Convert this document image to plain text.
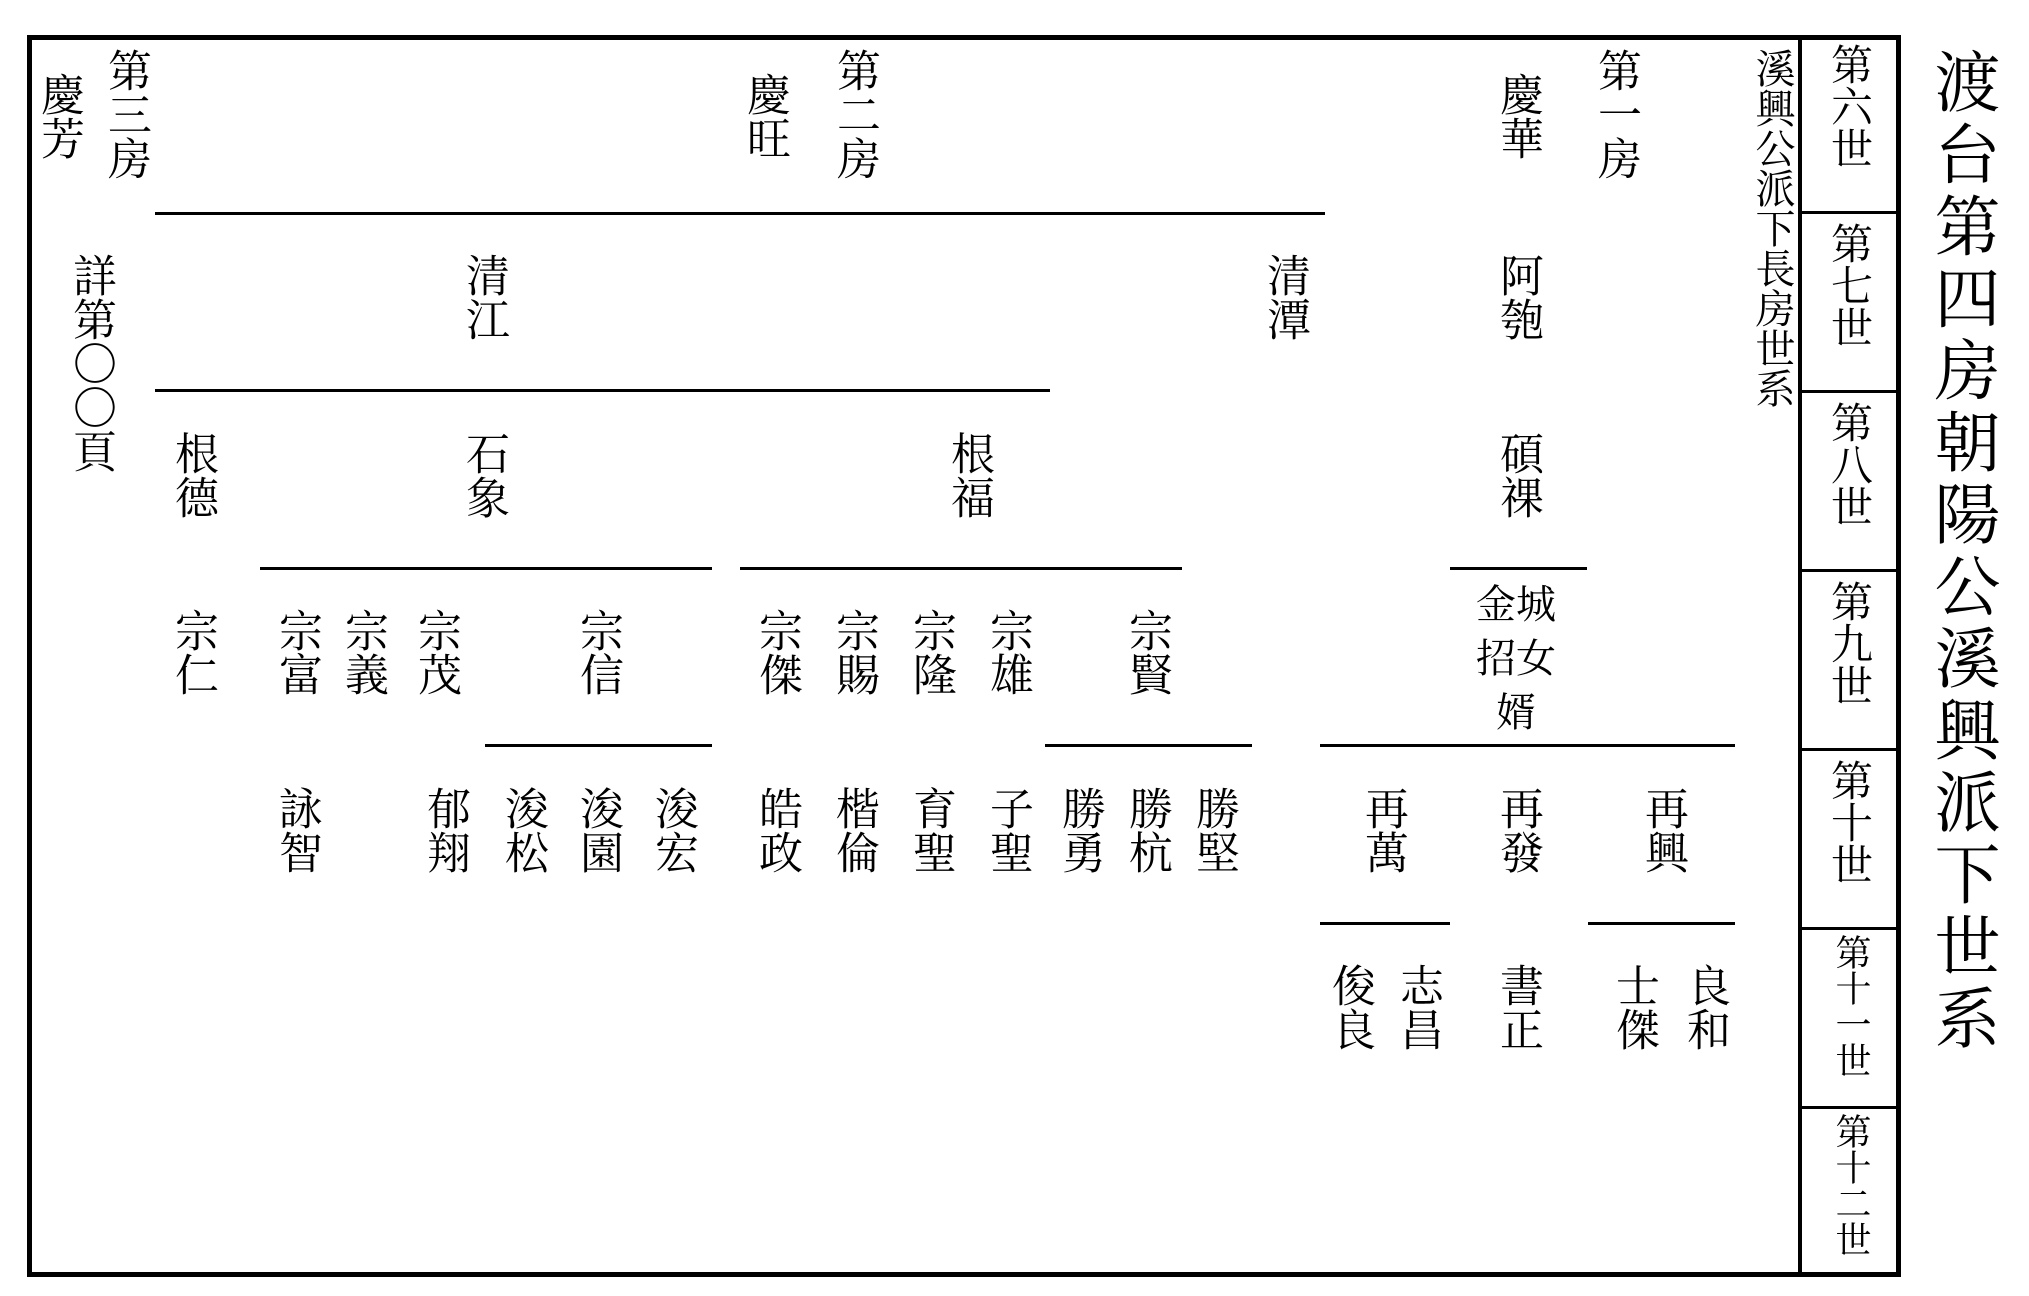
渡台第四房朝陽公溪興派下世系
第六世
第七世
第八世
第九世
第十世
第十一世
第十二世
溪興公派下長房世系
第一房
慶華
第二房
慶旺
第三房
慶芳
詳第〇〇頁	阿匏
清潭
清江
碩祼
根福
石象
根德
金城招女婿
宗賢
宗雄
宗隆
宗賜
宗傑
宗信
宗茂
宗義
宗富
宗仁
再興
再發
再萬
勝堅
勝杭
勝勇
子聖
育聖
楷倫
皓政
浚宏
浚園
浚松
郁翔
詠智
良和
士傑
書正
志昌
俊良
